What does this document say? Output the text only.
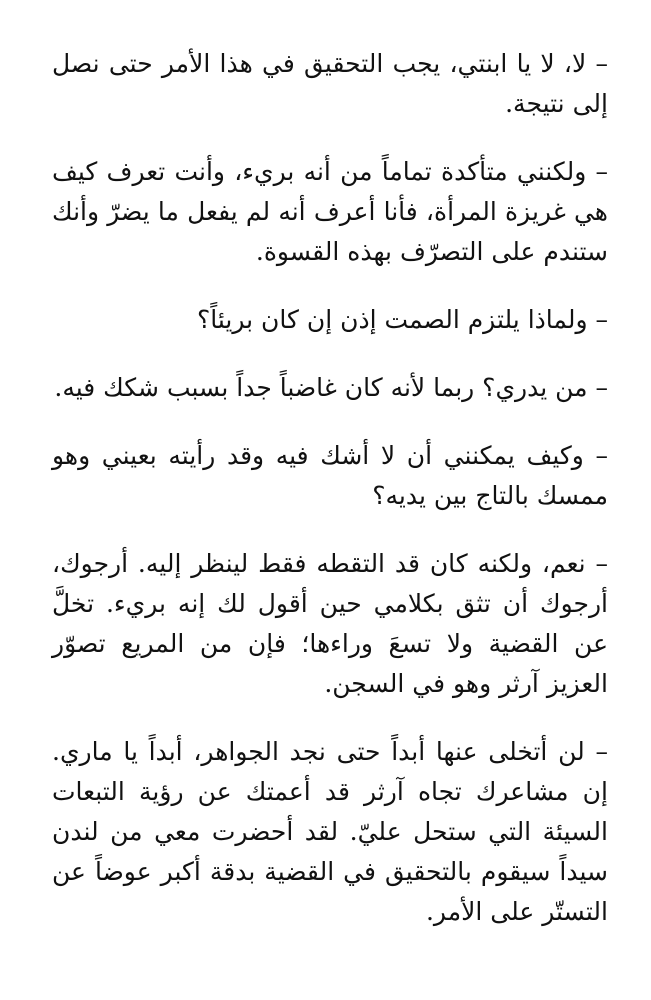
– لا، لا يا ابنتي، يجب التحقيق في هذا الأمر حتى نصل إلى نتيجة.

– ولكنني متأكدة تماماً من أنه بريء، وأنت تعرف كيف هي غريزة المرأة، فأنا أعرف أنه لم يفعل ما يضرّ وأنك ستندم على التصرّف بهذه القسوة.

– ولماذا يلتزم الصمت إذن إن كان بريئاً؟

– من يدري؟ ربما لأنه كان غاضباً جداً بسبب شكك فيه.

– وكيف يمكنني أن لا أشك فيه وقد رأيته بعيني وهو ممسك بالتاج بين يديه؟

– نعم، ولكنه كان قد التقطه فقط لينظر إليه. أرجوك، أرجوك أن تثق بكلامي حين أقول لك إنه بريء. تخلَّ عن القضية ولا تسعَ وراءها؛ فإن من المريع تصوّر العزيز آرثر وهو في السجن.

– لن أتخلى عنها أبداً حتى نجد الجواهر، أبداً يا ماري. إن مشاعرك تجاه آرثر قد أعمتك عن رؤية التبعات السيئة التي ستحل عليّ. لقد أحضرت معي من لندن سيداً سيقوم بالتحقيق في القضية بدقة أكبر عوضاً عن التستّر على الأمر.
